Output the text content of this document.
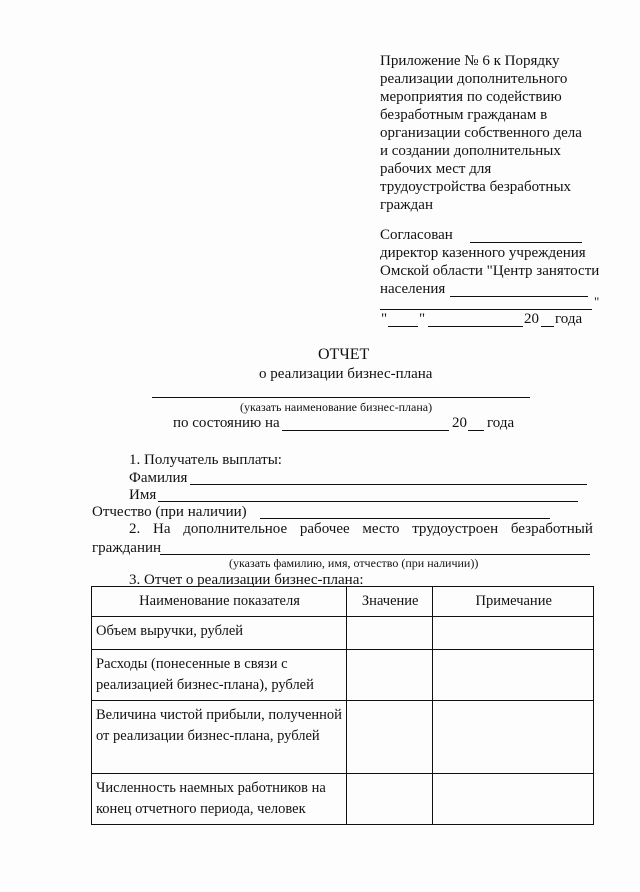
Приложение № 6 к Порядку
реализации дополнительного
мероприятия по содействию
безработным гражданам в
организации собственного дела
и создании дополнительных
рабочих мест для
трудоустройства безработных
граждан
Согласован
директор казенного учреждения
Омской области "Центр занятости
населения
"
" "	20 года
ОТЧЕТ
о реализации бизнес-плана
(указать наименование бизнес-плана)
по состоянию на	20 года
1. Получатель выплаты:
Фамилия
Имя
Отчество (при наличии)
2. На дополнительное рабочее место трудоустроен безработный
гражданин
(указать фамилию, имя, отчество (при наличии))
3. Отчет о реализации бизнес-плана:
Наименование показателя	Значение	Примечание
Объем выручки, рублей		
Расходы (понесенные в связи с реализацией бизнес-плана), рублей		
Величина чистой прибыли, полученной от реализации бизнес-плана, рублей		
Численность наемных работников на конец отчетного периода, человек		
